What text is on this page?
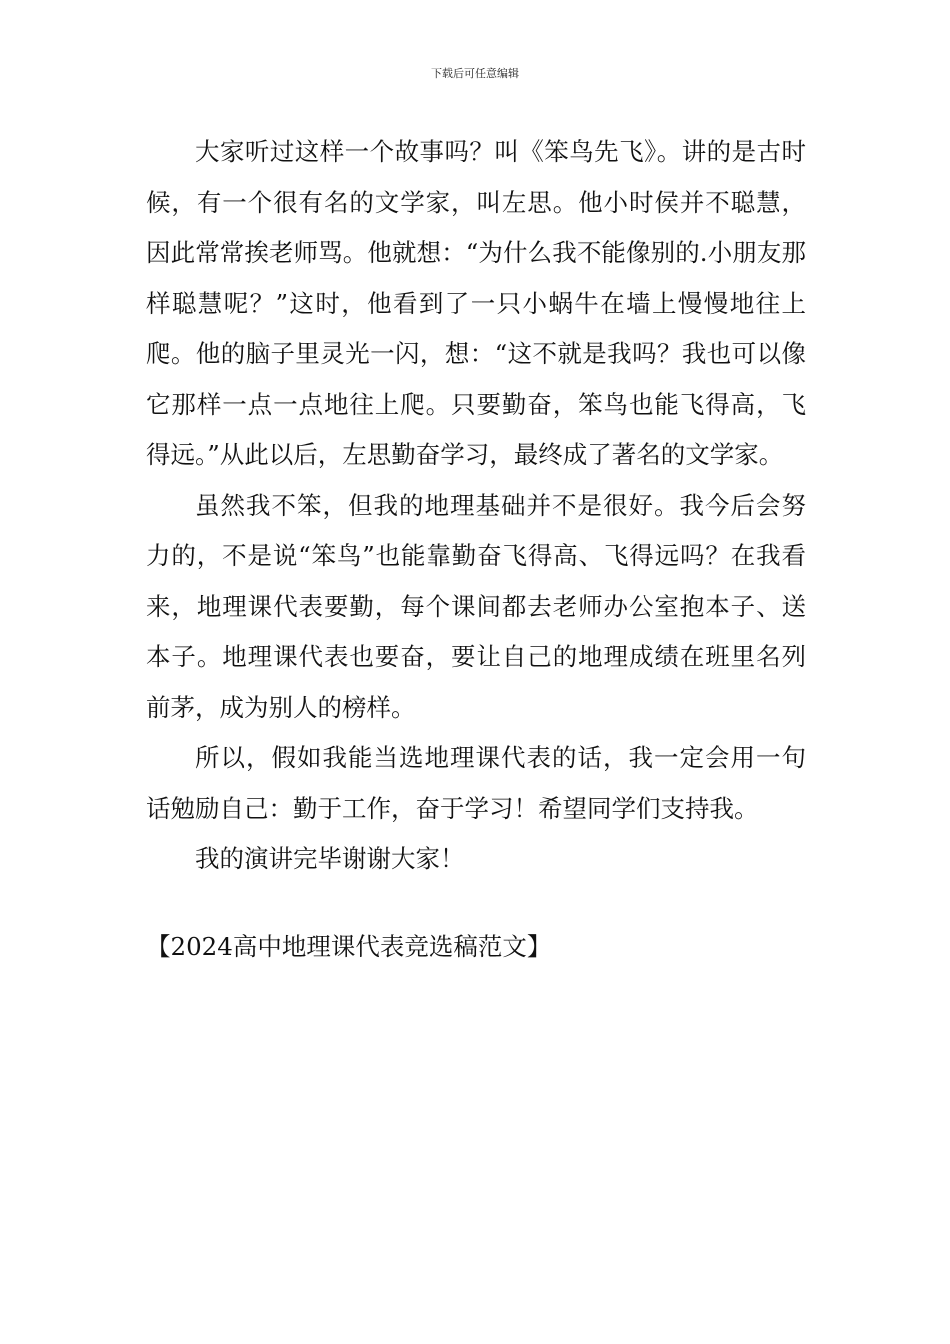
下载后可任意编辑

大家听过这样一个故事吗？叫《笨鸟先飞》。讲的是古时候，有一个很有名的文学家，叫左思。他小时侯并不聪慧，因此常常挨老师骂。他就想：“为什么我不能像别的.小朋友那样聪慧呢？”这时，他看到了一只小蜗牛在墙上慢慢地往上爬。他的脑子里灵光一闪，想：“这不就是我吗？我也可以像它那样一点一点地往上爬。只要勤奋，笨鸟也能飞得高，飞得远。”从此以后，左思勤奋学习，最终成了著名的文学家。

虽然我不笨，但我的地理基础并不是很好。我今后会努力的，不是说“笨鸟”也能靠勤奋飞得高、飞得远吗？在我看来，地理课代表要勤，每个课间都去老师办公室抱本子、送本子。地理课代表也要奋，要让自己的地理成绩在班里名列前茅，成为别人的榜样。

所以，假如我能当选地理课代表的话，我一定会用一句话勉励自己：勤于工作，奋于学习！希望同学们支持我。

我的演讲完毕谢谢大家！

【2024高中地理课代表竞选稿范文】
